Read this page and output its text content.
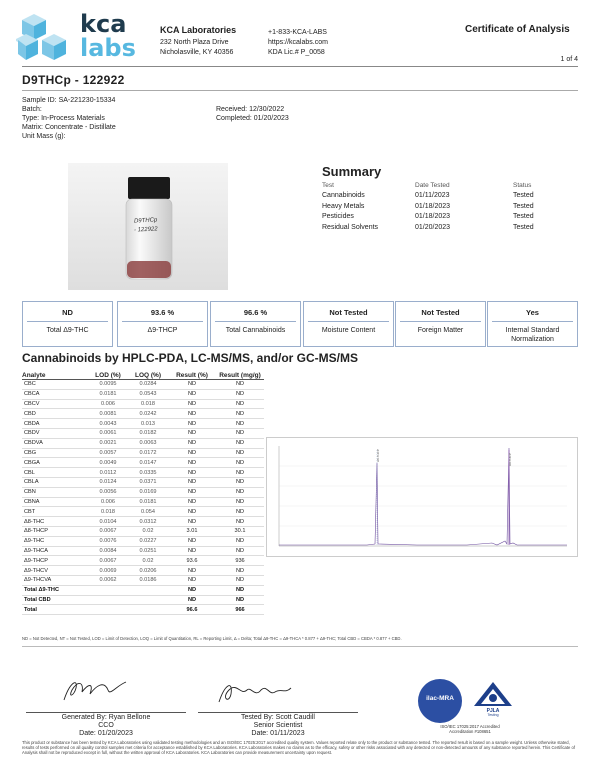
kca
labs
KCA Laboratories
232 North Plaza Drive
Nicholasville, KY 40356
+1-833-KCA-LABS
https://kcalabs.com
KDA Lic.# P_0058
Certificate of Analysis
1 of 4
D9THCp - 122922
Sample ID: SA-221230-15334
Batch:
Type: In-Process Materials
Matrix: Concentrate - Distillate
Unit Mass (g):
Received: 12/30/2022
Completed: 01/20/2023
D9THCp
- 122922
Summary
Test	Date Tested	Status
Cannabinoids	01/11/2023	Tested
Heavy Metals	01/18/2023	Tested
Pesticides	01/18/2023	Tested
Residual Solvents	01/20/2023	Tested
ND
Total Δ9-THC
93.6 %
Δ9-THCP
96.6 %
Total Cannabinoids
Not Tested
Moisture Content
Not Tested
Foreign Matter
Yes
Internal Standard Normalization
Cannabinoids by HPLC-PDA, LC-MS/MS, and/or GC-MS/MS
Analyte	LOD (%)	LOQ (%)	Result (%)	Result (mg/g)
CBC	0.0095	0.0284	ND	ND
CBCA	0.0181	0.0543	ND	ND
CBCV	0.006	0.018	ND	ND
CBD	0.0081	0.0242	ND	ND
CBDA	0.0043	0.013	ND	ND
CBDV	0.0061	0.0182	ND	ND
CBDVA	0.0021	0.0063	ND	ND
CBG	0.0057	0.0172	ND	ND
CBGA	0.0049	0.0147	ND	ND
CBL	0.0112	0.0335	ND	ND
CBLA	0.0124	0.0371	ND	ND
CBN	0.0056	0.0169	ND	ND
CBNA	0.006	0.0181	ND	ND
CBT	0.018	0.054	ND	ND
Δ8-THC	0.0104	0.0312	ND	ND
Δ8-THCP	0.0067	0.02	3.01	30.1
Δ9-THC	0.0076	0.0227	ND	ND
Δ9-THCA	0.0084	0.0251	ND	ND
Δ9-THCP	0.0067	0.02	93.6	936
Δ9-THCV	0.0069	0.0206	ND	ND
Δ9-THCVA	0.0062	0.0186	ND	ND
Total Δ9-THC			ND	ND
Total CBD			ND	ND
Total			96.6	966
Δ8-THCP	Δ9-THCP
ND = Not Detected, NT = Not Tested, LOD = Limit of Detection, LOQ = Limit of Quantitation, RL = Reporting Limit, Δ = Delta; Total Δ9-THC = Δ9-THCA * 0.877 + Δ9-THC; Total CBD = CBDA * 0.877 + CBD.
Generated By: Ryan Bellone
CCO
Date: 01/20/2023
Tested By: Scott Caudill
Senior Scientist
Date: 01/11/2023
ilac-MRA
PJLA
Testing
ISO/IEC 17025:2017 Accredited
Accreditation #108651
This product or substance has been tested by KCA Laboratories using validated testing methodologies and an ISO/IEC 17025:2017 accredited quality system. Values reported relate only to the product or substance tested. The reported result is based on a sample weight. Unless otherwise stated, results of tests performed on all quality control samples met criteria for acceptance established by KCA Laboratories. KCA Laboratories makes no claims as to the efficacy, safety or other risks associated with any detected or non-detected amounts of any substance reported herein. This Certificate of Analysis shall not be reproduced except in full, without the written approval of KCA Laboratories. KCA Laboratories can provide measurement uncertainty upon request.
